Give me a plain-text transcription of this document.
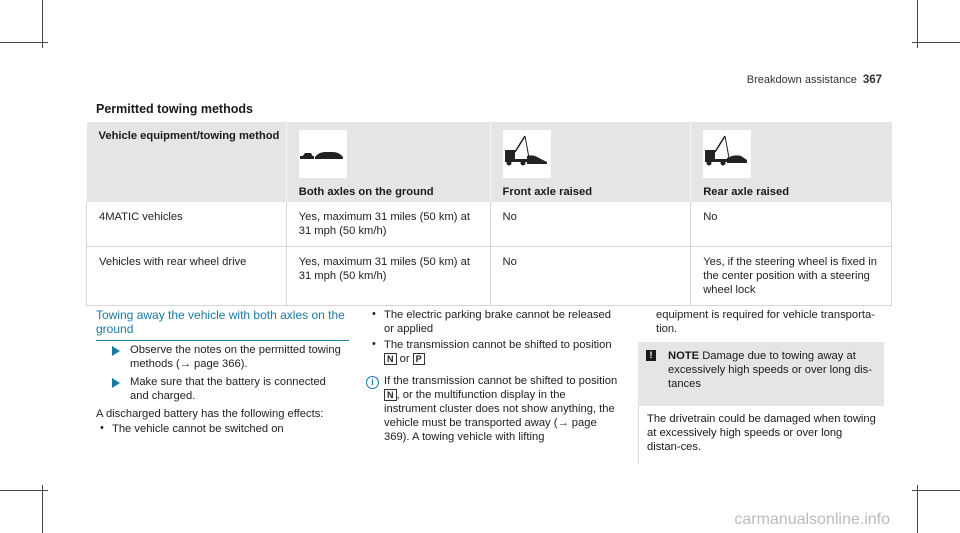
Breakdown assistance 367
Permitted towing methods
Vehicle equipment/towing method	Both axles on the ground	Front axle raised	Rear axle raised

4MATIC vehicles	Yes, maximum 31 miles (50 km) at 31 mph (50 km/h)	No	No
Vehicles with rear wheel drive	Yes, maximum 31 miles (50 km) at 31 mph (50 km/h)	No	Yes, if the steering wheel is fixed in the center position with a steering wheel lock
Towing away the vehicle with both axles on the ground
Observe the notes on the permitted towing methods (→ page 366).
Make sure that the battery is connected and charged.
A discharged battery has the following effects:
• The vehicle cannot be switched on
• The electric parking brake cannot be released or applied
• The transmission cannot be shifted to position N or P
i If the transmission cannot be shifted to position N , or the multifunction display in the instrument cluster does not show anything, the vehicle must be transported away (→ page 369). A towing vehicle with lifting
equipment is required for vehicle transporta-tion.
!	NOTE Damage due to towing away at excessively high speeds or over long dis-tances
The drivetrain could be damaged when towing at excessively high speeds or over long distan-ces.
carmanualsonline.info
